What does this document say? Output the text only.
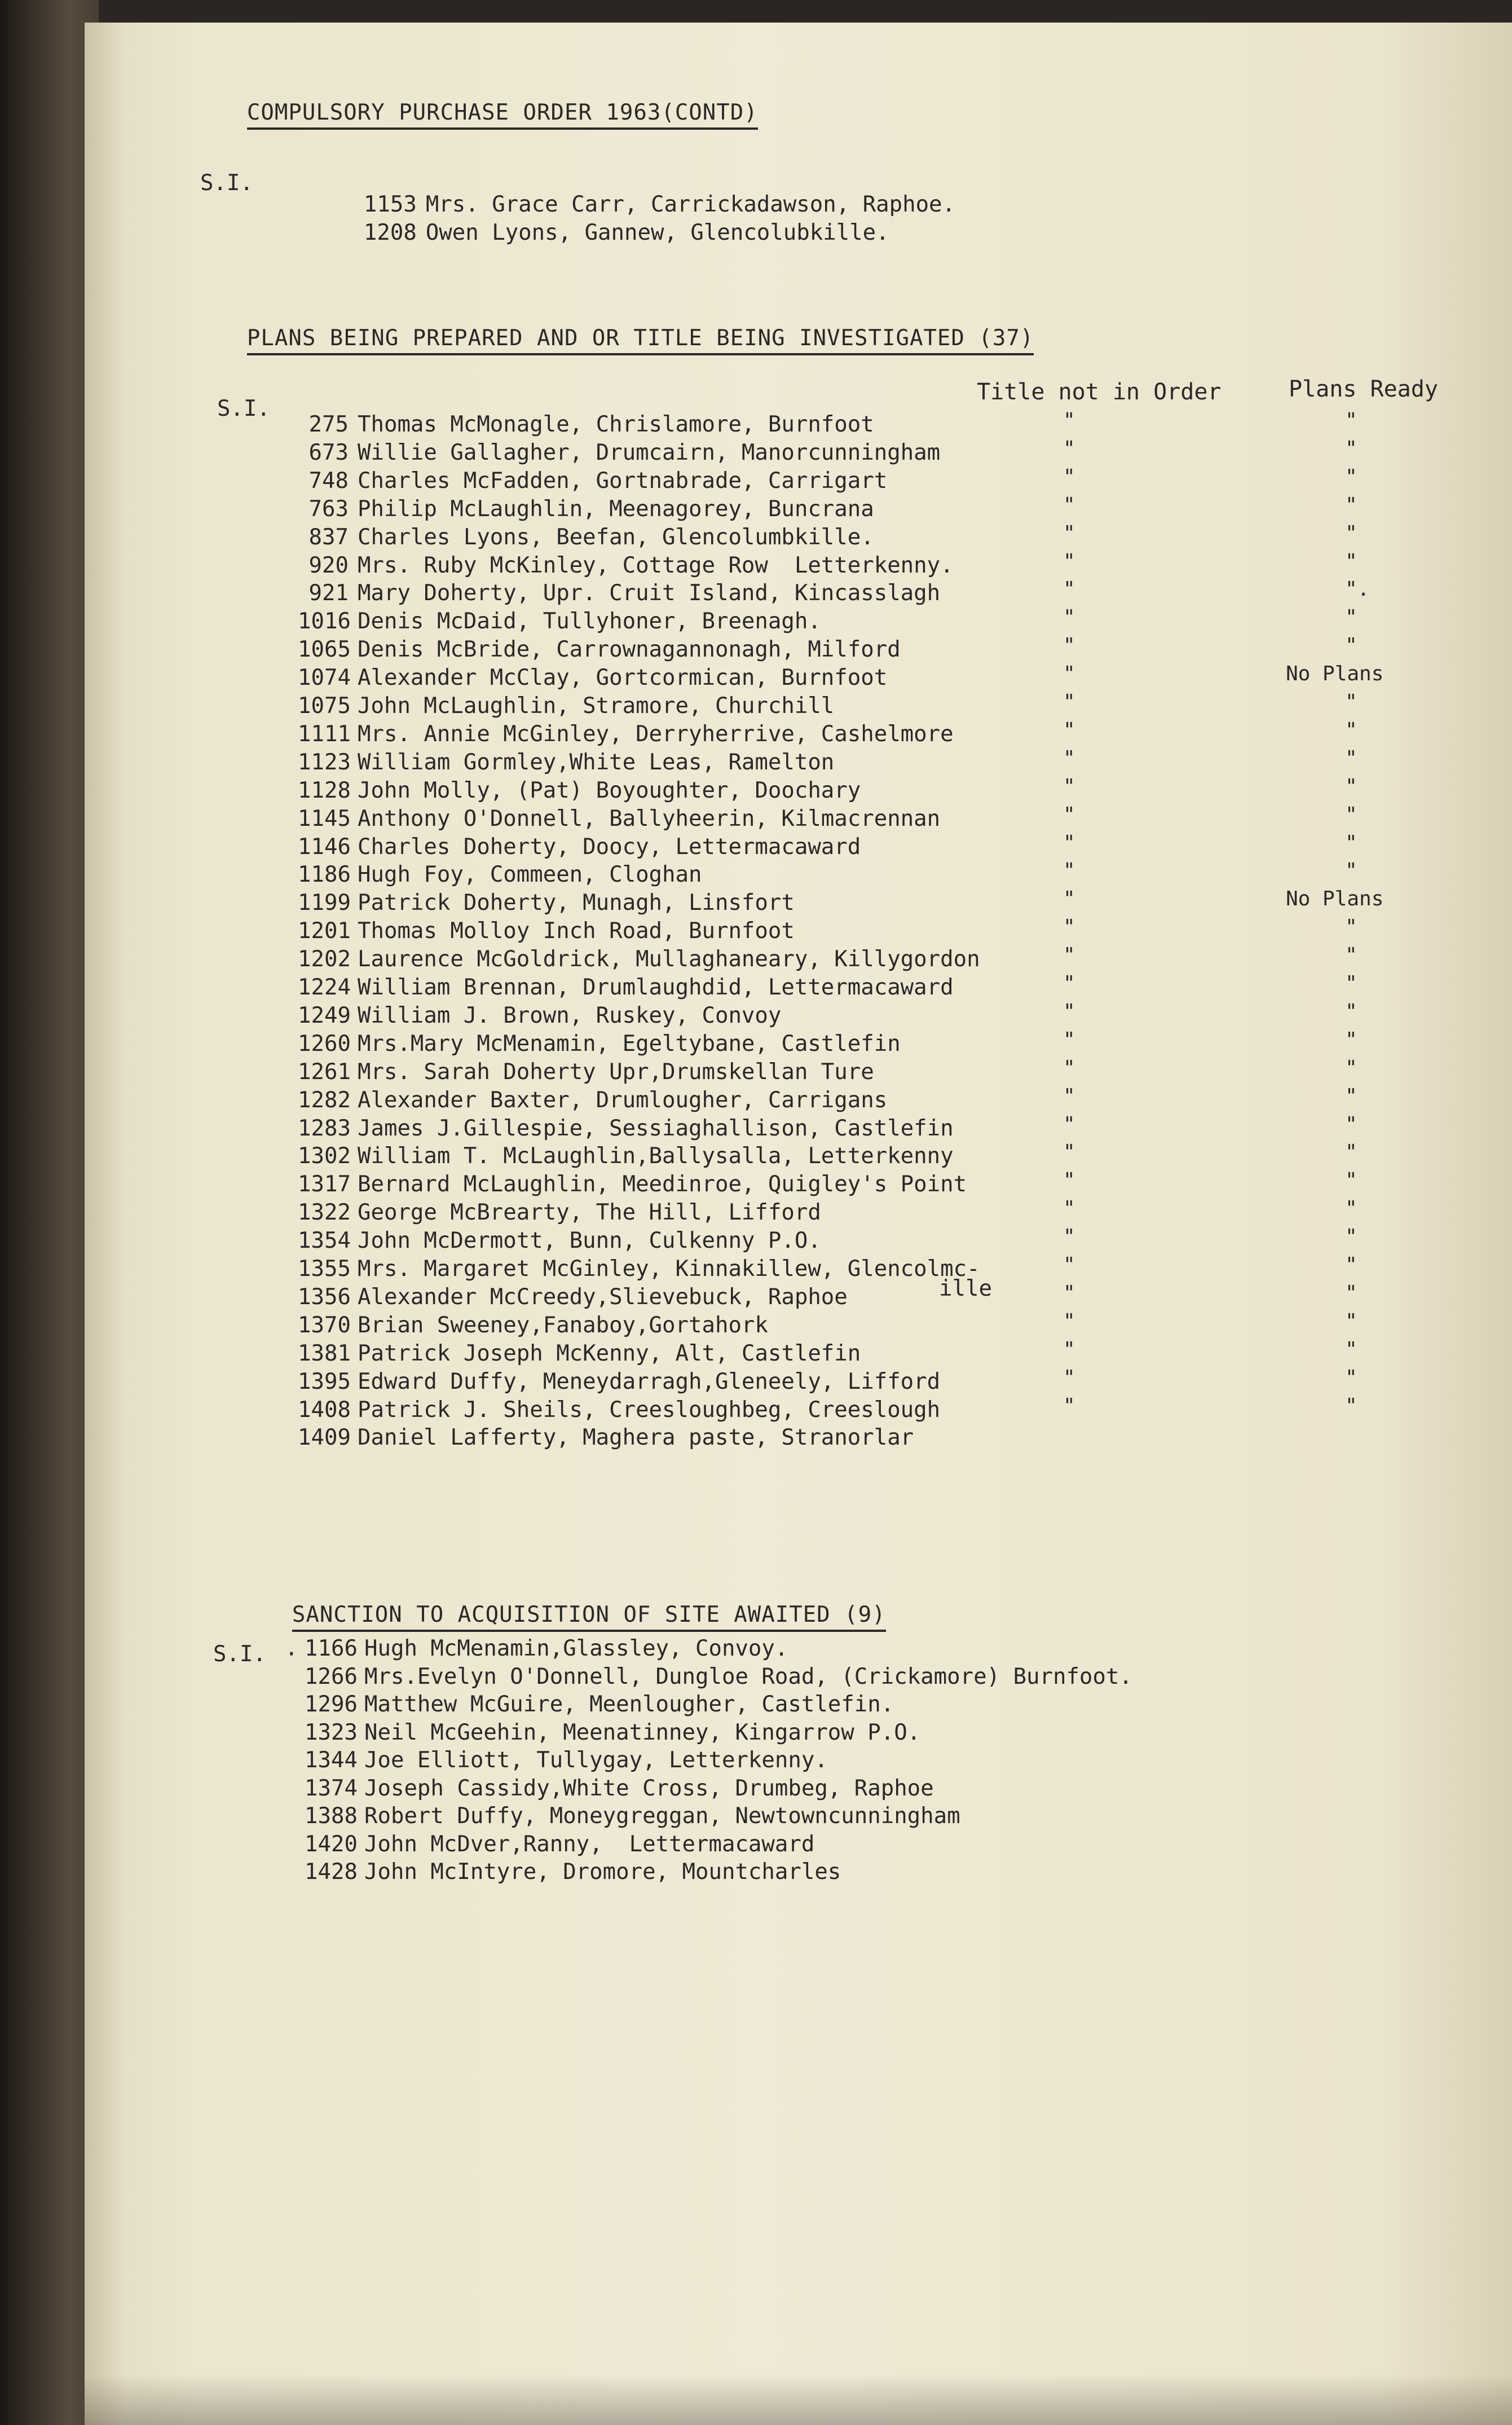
COMPULSORY PURCHASE ORDER 1963(CONTD)

S.I.

1153 Mrs. Grace Carr, Carrickadawson, Raphoe.

1208 Owen Lyons, Gannew, Glencolubkille.

PLANS BEING PREPARED AND OR TITLE BEING INVESTIGATED (37)

S.I.
Title not in Order	Plans Ready
275 Thomas McMonagle, Chrislamore, Burnfoot	"	"
673 Willie Gallagher, Drumcairn, Manorcunningham	"	"
748 Charles McFadden, Gortnabrade, Carrigart	"	"
763 Philip McLaughlin, Meenagorey, Buncrana	"	"
837 Charles Lyons, Beefan, Glencolumbkille.	"	"
920 Mrs. Ruby McKinley, Cottage Row  Letterkenny.	"	"
921 Mary Doherty, Upr. Cruit Island, Kincasslagh	"	".
1016 Denis McDaid, Tullyhoner, Breenagh.	"	"
1065 Denis McBride, Carrownagannonagh, Milford	"	"
1074 Alexander McClay, Gortcormican, Burnfoot	"	No Plans
1075 John McLaughlin, Stramore, Churchill	"	"
1111 Mrs. Annie McGinley, Derryherrive, Cashelmore	"	"
1123 William Gormley,White Leas, Ramelton	"	"
1128 John Molly, (Pat) Boyoughter, Doochary	"	"
1145 Anthony O'Donnell, Ballyheerin, Kilmacrennan	"	"
1146 Charles Doherty, Doocy, Lettermacaward	"	"
1186 Hugh Foy, Commeen, Cloghan	"	"
1199 Patrick Doherty, Munagh, Linsfort	"	No Plans
1201 Thomas Molloy Inch Road, Burnfoot	"	"
1202 Laurence McGoldrick, Mullaghaneary, Killygordon	"	"
1224 William Brennan, Drumlaughdid, Lettermacaward	"	"
1249 William J. Brown, Ruskey, Convoy	"	"
1260 Mrs.Mary McMenamin, Egeltybane, Castlefin	"	"
1261 Mrs. Sarah Doherty Upr,Drumskellan Ture	"	"
1282 Alexander Baxter, Drumlougher, Carrigans	"	"
1283 James J.Gillespie, Sessiaghallison, Castlefin	"	"
1302 William T. McLaughlin,Ballysalla, Letterkenny	"	"
1317 Bernard McLaughlin, Meedinroe, Quigley's Point	"	"
1322 George McBrearty, The Hill, Lifford	"	"
1354 John McDermott, Bunn, Culkenny P.O.	"	"
1355 Mrs. Margaret McGinley, Kinnakillew, Glencolmc-	"	"
1356 Alexander McCreedy,Slievebuck, Raphoe	"	"
1370 Brian Sweeney,Fanaboy,Gortahork	"	"
1381 Patrick Joseph McKenny, Alt, Castlefin	"	"
1395 Edward Duffy, Meneydarragh,Gleneely, Lifford	"	"
1408 Patrick J. Sheils, Creesloughbeg, Creeslough	"	"
1409 Daniel Lafferty, Maghera paste, Stranorlar
ille

SANCTION TO ACQUISITION OF SITE AWAITED (9)

S.I. · 1166 Hugh McMenamin,Glassley, Convoy.
1266 Mrs.Evelyn O'Donnell, Dungloe Road, (Crickamore) Burnfoot.
1296 Matthew McGuire, Meenlougher, Castlefin.
1323 Neil McGeehin, Meenatinney, Kingarrow P.O.
1344 Joe Elliott, Tullygay, Letterkenny.
1374 Joseph Cassidy,White Cross, Drumbeg, Raphoe
1388 Robert Duffy, Moneygreggan, Newtowncunningham
1420 John McDver,Ranny,  Lettermacaward
1428 John McIntyre, Dromore, Mountcharles
